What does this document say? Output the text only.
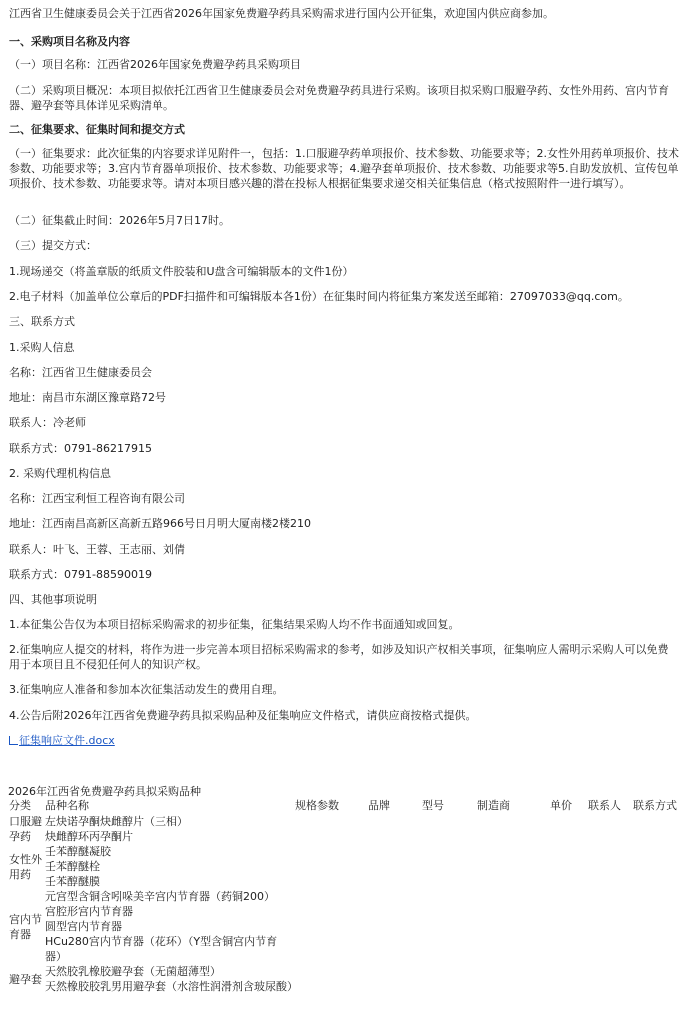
江西省卫生健康委员会关于江西省2026年国家免费避孕药具采购需求进行国内公开征集，欢迎国内供应商参加。

一、采购项目名称及内容

（一）项目名称：江西省2026年国家免费避孕药具采购项目

（二）采购项目概况：本项目拟依托江西省卫生健康委员会对免费避孕药具进行采购。该项目拟采购口服避孕药、女性外用药、宫内节育器、避孕套等具体详见采购清单。

二、征集要求、征集时间和提交方式

（一）征集要求：此次征集的内容要求详见附件一，包括：1.口服避孕药单项报价、技术参数、功能要求等；2.女性外用药单项报价、技术参数、功能要求等；3.宫内节育器单项报价、技术参数、功能要求等；4.避孕套单项报价、技术参数、功能要求等5.自助发放机、宣传包单项报价、技术参数、功能要求等。请对本项目感兴趣的潜在投标人根据征集要求递交相关征集信息（格式按照附件一进行填写）。

（二）征集截止时间：2026年5月7日17时。

（三）提交方式：

1.现场递交（将盖章版的纸质文件胶装和U盘含可编辑版本的文件1份）

2.电子材料（加盖单位公章后的PDF扫描件和可编辑版本各1份）在征集时间内将征集方案发送至邮箱：27097033@qq.com。

三、联系方式

1.采购人信息

名称：江西省卫生健康委员会

地址：南昌市东湖区豫章路72号

联系人：冷老师

联系方式：0791-86217915

2. 采购代理机构信息

名称：江西宝利恒工程咨询有限公司

地址：江西南昌高新区高新五路966号日月明大厦南楼2楼210

联系人：叶飞、王蓉、王志丽、刘倩

联系方式：0791-88590019

四、其他事项说明

1.本征集公告仅为本项目招标采购需求的初步征集，征集结果采购人均不作书面通知或回复。

2.征集响应人提交的材料，将作为进一步完善本项目招标采购需求的参考，如涉及知识产权相关事项，征集响应人需明示采购人可以免费用于本项目且不侵犯任何人的知识产权。

3.征集响应人准备和参加本次征集活动发生的费用自理。

4.公告后附2026年江西省免费避孕药具拟采购品种及征集响应文件格式，请供应商按格式提供。

征集响应文件.docx

2026年江西省免费避孕药具拟采购品种

分类	品种名称	规格参数	品牌	型号	制造商	单价	联系人	联系方式
口服避孕药	左炔诺孕酮炔雌醇片（三相）							
	炔雌醇环丙孕酮片							
女性外用药	壬苯醇醚凝胶							
	壬苯醇醚栓							
	壬苯醇醚膜							
宫内节育器	元宫型含铜含吲哚美辛宫内节育器（药铜200）							
	宫腔形宫内节育器							
	圆型宫内节育器							
	HCu280宫内节育器（花环）（Y型含铜宫内节育器）							
避孕套	天然胶乳橡胶避孕套（无菌超薄型）							
	天然橡胶胶乳男用避孕套（水溶性润滑剂含玻尿酸）							
